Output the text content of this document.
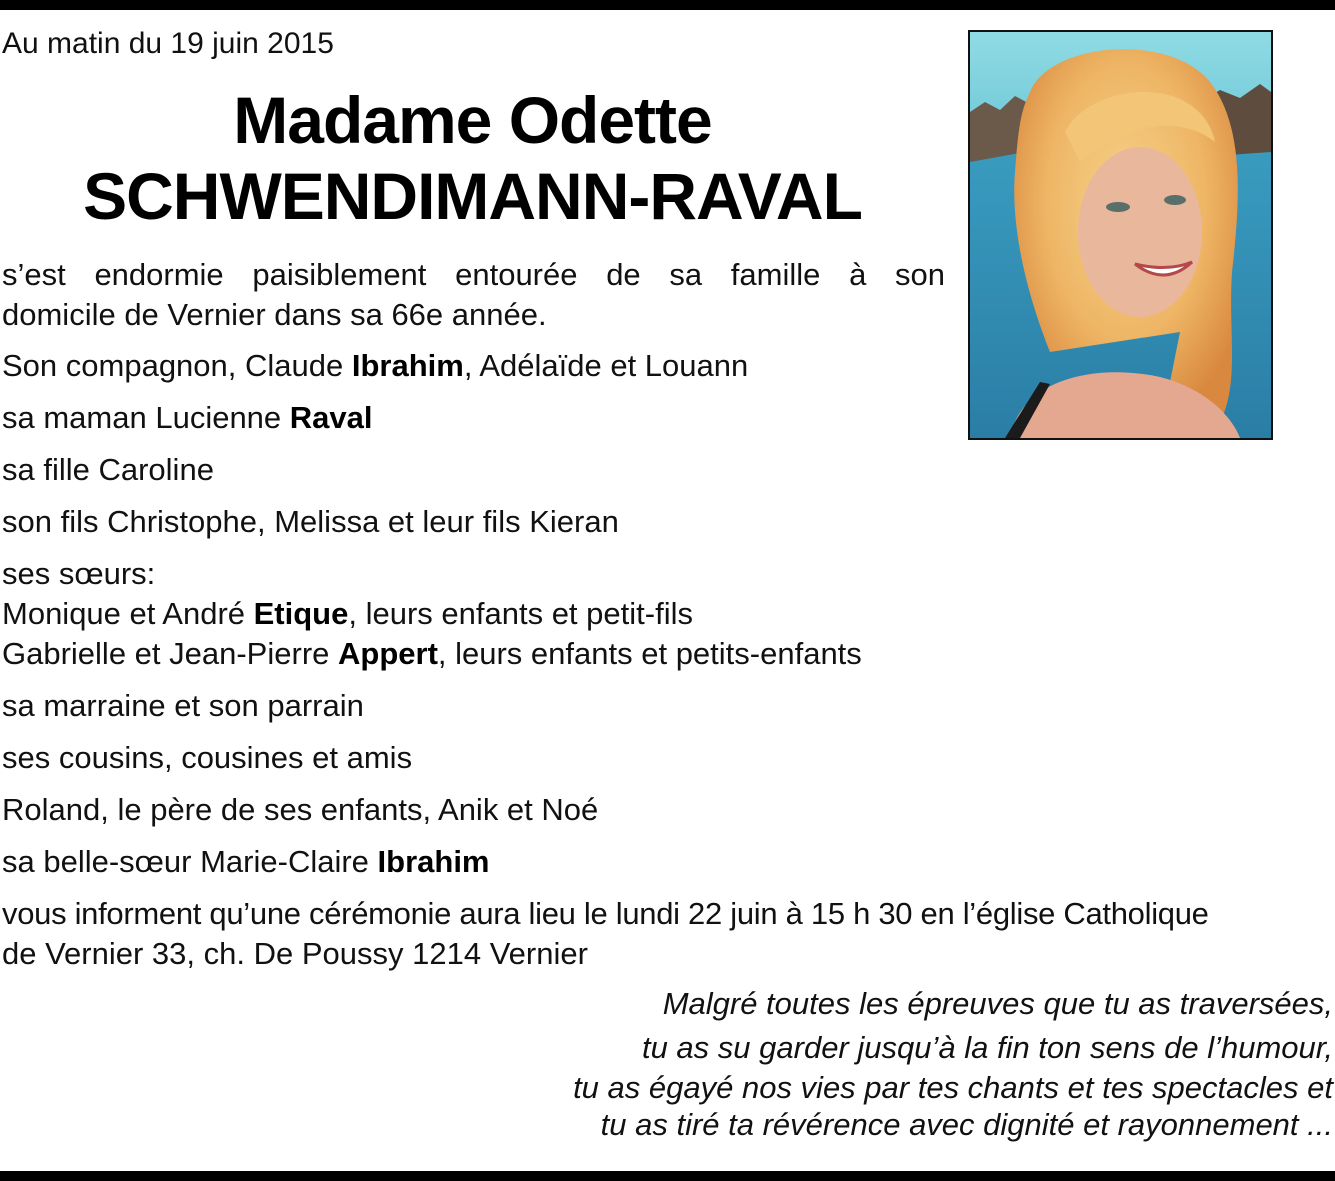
Au matin du 19 juin 2015

Madame Odette
SCHWENDIMANN-RAVAL

s’est endormie paisiblement entourée de sa famille à son

domicile de Vernier dans sa 66e année.

Son compagnon, Claude Ibrahim, Adélaïde et Louann

sa maman Lucienne Raval

sa fille Caroline

son fils Christophe, Melissa et leur fils Kieran

ses sœurs:

Monique et André Etique, leurs enfants et petit-fils

Gabrielle et Jean-Pierre Appert, leurs enfants et petits-enfants

sa marraine et son parrain

ses cousins, cousines et amis

Roland, le père de ses enfants, Anik et Noé

sa belle-sœur Marie-Claire Ibrahim

vous informent qu’une cérémonie aura lieu le lundi 22 juin à 15 h 30 en l’église Catholique

de Vernier 33, ch. De Poussy 1214 Vernier

Malgré toutes les épreuves que tu as traversées,

tu as su garder jusqu’à la fin ton sens de l’humour,

tu as égayé nos vies par tes chants et tes spectacles et

tu as tiré ta révérence avec dignité et rayonnement ...
